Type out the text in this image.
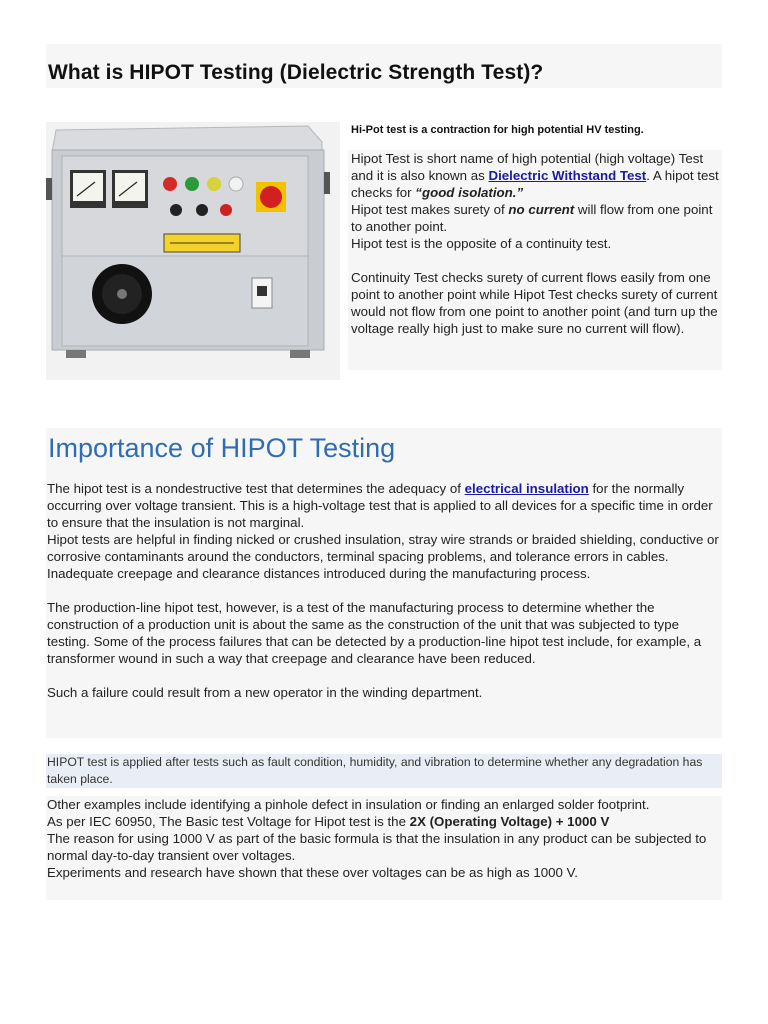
What is HIPOT Testing (Dielectric Strength Test)?
Hi-Pot test is a contraction for high potential HV testing.

Hipot Test is short name of high potential (high voltage) Test and it is also known as Dielectric Withstand Test. A hipot test checks for “good isolation.”

Hipot test makes surety of no current will flow from one point to another point.

Hipot test is the opposite of a continuity test.

Continuity Test checks surety of current flows easily from one point to another point while Hipot Test checks surety of current would not flow from one point to another point (and turn up the voltage really high just to make sure no current will flow).

Importance of HIPOT Testing

The hipot test is a nondestructive test that determines the adequacy of electrical insulation for the normally occurring over voltage transient. This is a high-voltage test that is applied to all devices for a specific time in order to ensure that the insulation is not marginal.

Hipot tests are helpful in finding nicked or crushed insulation, stray wire strands or braided shielding, conductive or corrosive contaminants around the conductors, terminal spacing problems, and tolerance errors in cables. Inadequate creepage and clearance distances introduced during the manufacturing process.

The production-line hipot test, however, is a test of the manufacturing process to determine whether the construction of a production unit is about the same as the construction of the unit that was subjected to type testing. Some of the process failures that can be detected by a production-line hipot test include, for example, a transformer wound in such a way that creepage and clearance have been reduced.

Such a failure could result from a new operator in the winding department.

HIPOT test is applied after tests such as fault condition, humidity, and vibration to determine whether any degradation has taken place.

Other examples include identifying a pinhole defect in insulation or finding an enlarged solder footprint.

As per IEC 60950, The Basic test Voltage for Hipot test is the 2X (Operating Voltage) + 1000 V

The reason for using 1000 V as part of the basic formula is that the insulation in any product can be subjected to normal day-to-day transient over voltages.

Experiments and research have shown that these over voltages can be as high as 1000 V.
